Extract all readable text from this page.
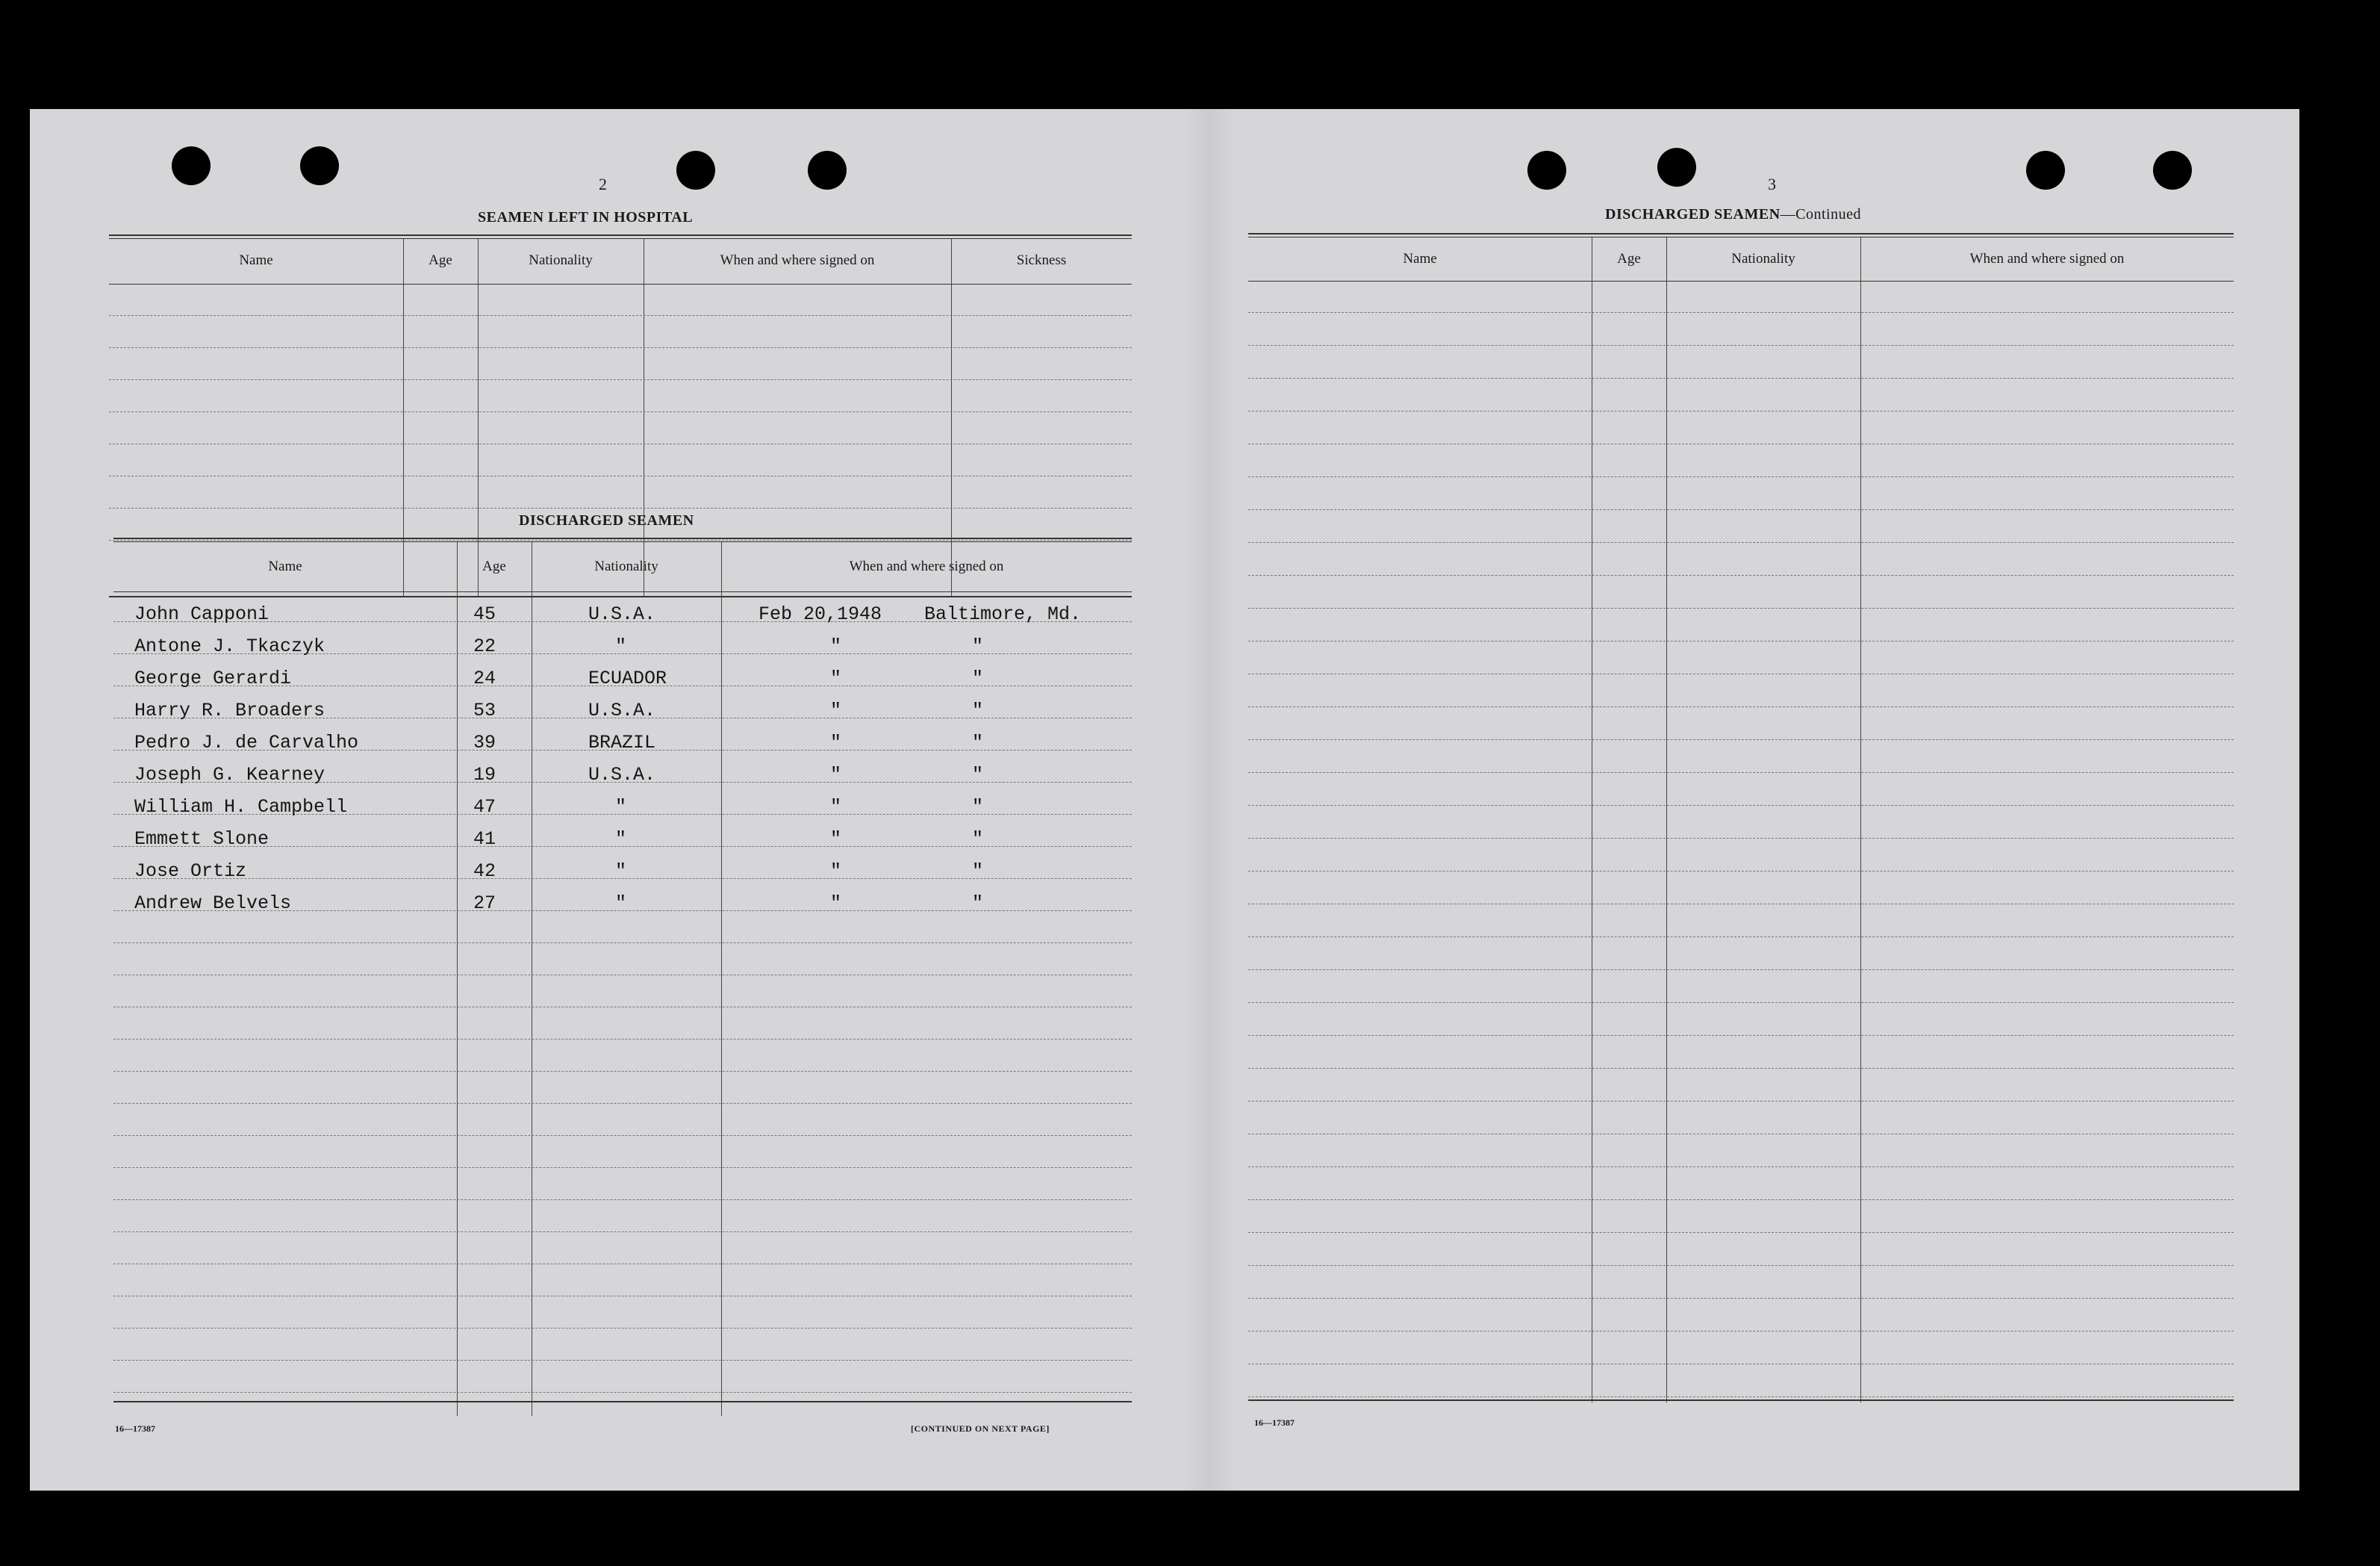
2
SEAMEN LEFT IN HOSPITAL
Name	Age	Nationality	When and where signed on	Sickness
DISCHARGED SEAMEN
Name	Age	Nationality	When and where signed on
John Capponi	45	U.S.A.	Feb 20,1948 Baltimore, Md.
Antone J. Tkaczyk	22	"	"	"
George Gerardi	24	ECUADOR	"	"
Harry R. Broaders	53	U.S.A.	"	"
Pedro J. de Carvalho	39	BRAZIL	"	"
Joseph G. Kearney	19	U.S.A.	"	"
William H. Campbell	47	"	"	"
Emmett Slone	41	"	"	"
Jose Ortiz	42	"	"	"
Andrew Belvels	27	"	"	"
16—17387	[CONTINUED ON NEXT PAGE]
3
DISCHARGED SEAMEN—Continued
Name	Age	Nationality	When and where signed on
16—17387
